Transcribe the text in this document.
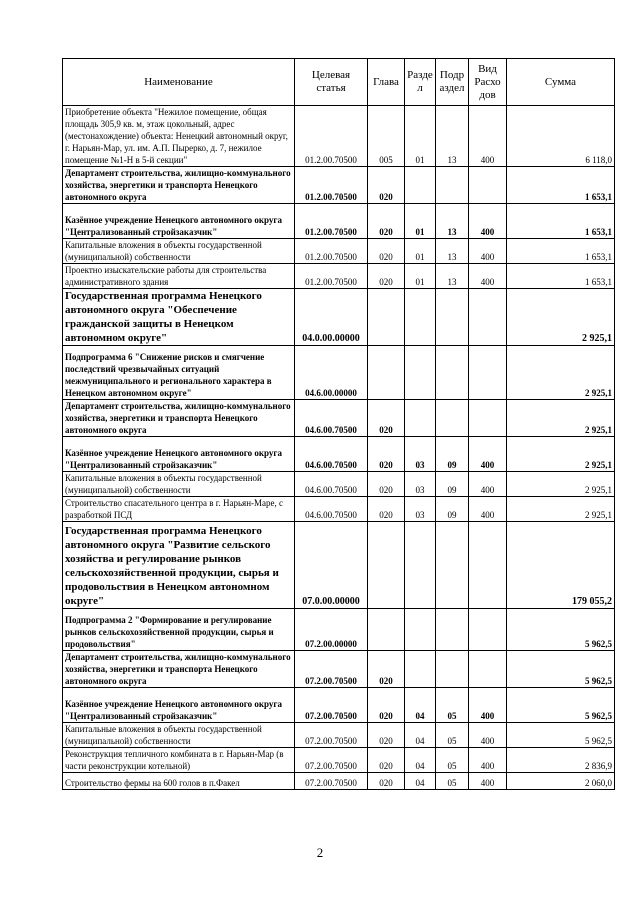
Наименование	Целевая статья	Глава	Разде л	Подр аздел	Вид Расхо дов	Сумма
Приобретение объекта "Нежилое помещение, общая площадь 305,9 кв. м, этаж цокольный, адрес (местонахождение) объекта: Ненецкий автономный округ, г. Нарьян-Мар, ул. им. А.П. Пырерко, д. 7, нежилое помещение №1-Н в 5-й секции"	01.2.00.70500	005	01	13	400	6 118,0
Департамент строительства, жилищно-коммунального хозяйства, энергетики и транспорта Ненецкого автономного округа	01.2.00.70500	020				1 653,1
Казённое учреждение Ненецкого автономного округа "Централизованный стройзаказчик"	01.2.00.70500	020	01	13	400	1 653,1
Капитальные вложения в объекты государственной (муниципальной) собственности	01.2.00.70500	020	01	13	400	1 653,1
Проектно изыскательские работы для строительства административного здания	01.2.00.70500	020	01	13	400	1 653,1
Государственная программа Ненецкого автономного округа "Обеспечение гражданской защиты в Ненецком автономном округе"	04.0.00.00000					2 925,1
Подпрограмма 6 "Снижение рисков и смягчение последствий чрезвычайных ситуаций межмуниципального и регионального характера в Ненецком автономном округе"	04.6.00.00000					2 925,1
Департамент строительства, жилищно-коммунального хозяйства, энергетики и транспорта Ненецкого автономного округа	04.6.00.70500	020				2 925,1
Казённое учреждение Ненецкого автономного округа "Централизованный стройзаказчик"	04.6.00.70500	020	03	09	400	2 925,1
Капитальные вложения в объекты государственной (муниципальной) собственности	04.6.00.70500	020	03	09	400	2 925,1
Строительство спасательного центра в г. Нарьян-Маре, с разработкой ПСД	04.6.00.70500	020	03	09	400	2 925,1
Государственная программа Ненецкого автономного округа "Развитие сельского хозяйства и регулирование рынков сельскохозяйственной продукции, сырья и продовольствия в Ненецком автономном округе"	07.0.00.00000					179 055,2
Подпрограмма 2 "Формирование и регулирование рынков сельскохозяйственной продукции, сырья и продовольствия"	07.2.00.00000					5 962,5
Департамент строительства, жилищно-коммунального хозяйства, энергетики и транспорта Ненецкого автономного округа	07.2.00.70500	020				5 962,5
Казённое учреждение Ненецкого автономного округа "Централизованный стройзаказчик"	07.2.00.70500	020	04	05	400	5 962,5
Капитальные вложения в объекты государственной (муниципальной) собственности	07.2.00.70500	020	04	05	400	5 962,5
Реконструкция тепличного комбината в г. Нарьян-Мар (в части реконструкции котельной)	07.2.00.70500	020	04	05	400	2 836,9
Строительство фермы на 600 голов в п.Факел	07.2.00.70500	020	04	05	400	2 060,0
2
